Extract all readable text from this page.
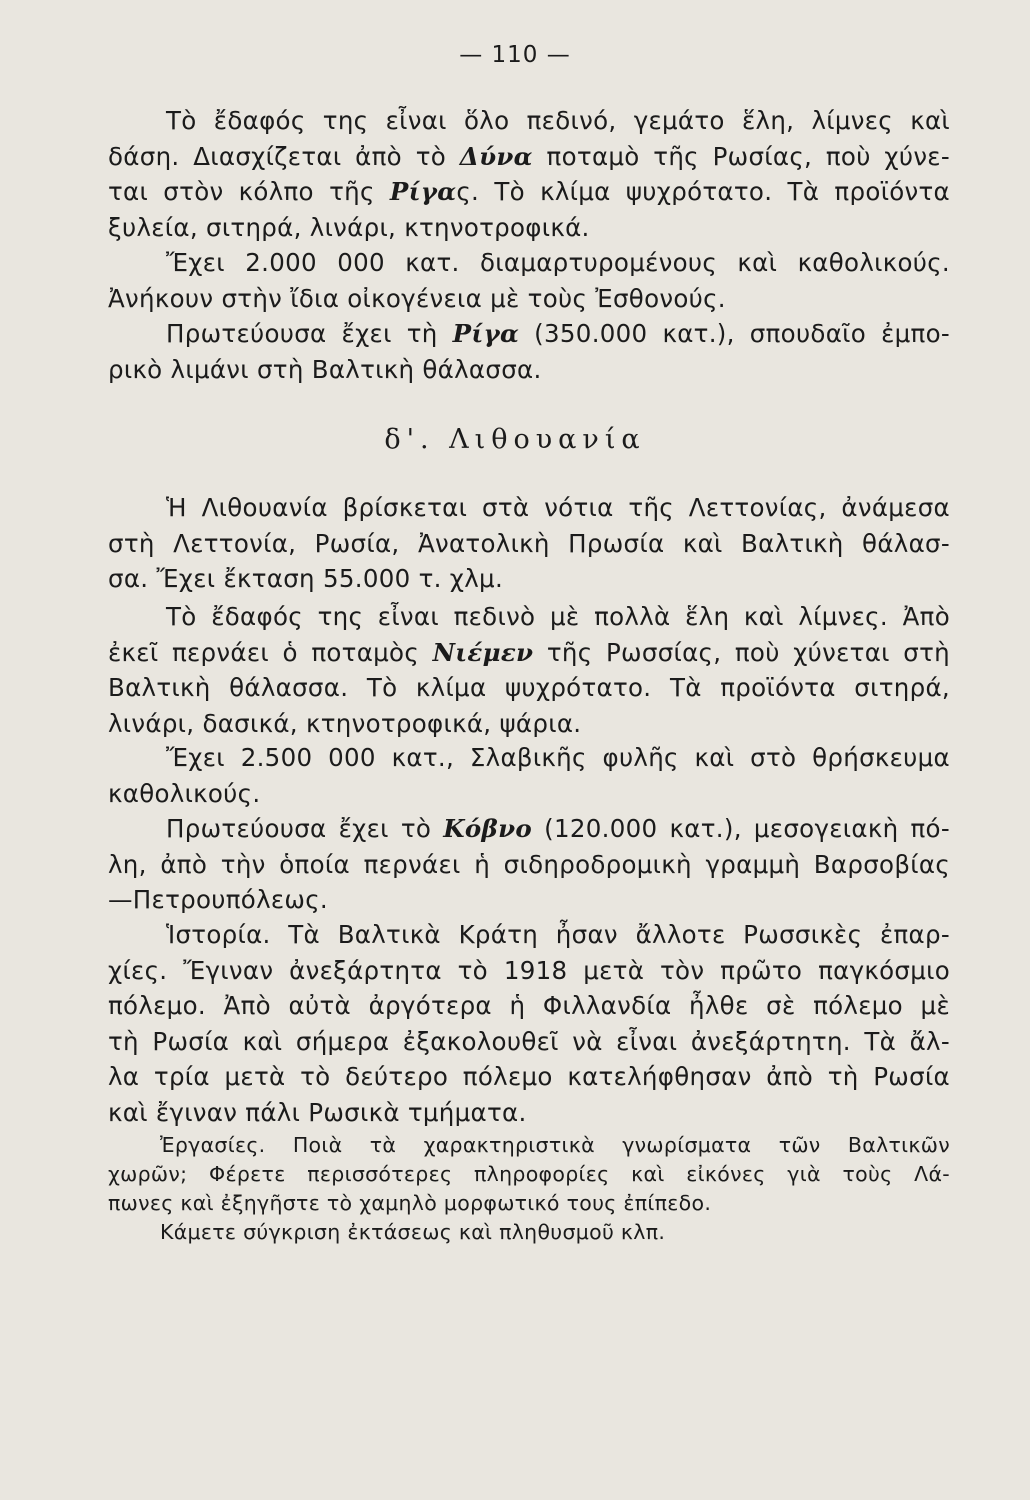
— 110 —
Τὸ ἔδαφός της εἶναι ὅλο πεδινό, γεμάτο ἕλη, λίμνες καὶ
δάση. Διασχίζεται ἀπὸ τὸ Δύνα ποταμὸ τῆς Ρωσίας, ποὺ χύνε-
ται στὸν κόλπο τῆς Ρίγας. Τὸ κλίμα ψυχρότατο. Τὰ προϊόντα
ξυλεία, σιτηρά, λινάρι, κτηνοτροφικά.
Ἔχει 2.000 000 κατ. διαμαρτυρομένους καὶ καθολικούς.
Ἀνήκουν στὴν ἴδια οἰκογένεια μὲ τοὺς Ἐσθονούς.
Πρωτεύουσα ἔχει τὴ Ρίγα (350.000 κατ.), σπουδαῖο ἐμπο-
ρικὸ λιμάνι στὴ Βαλτικὴ θάλασσα.
δ'. Λιθουανία
Ἡ Λιθουανία βρίσκεται στὰ νότια τῆς Λεττονίας, ἀνάμεσα
στὴ Λεττονία, Ρωσία, Ἀνατολικὴ Πρωσία καὶ Βαλτικὴ θάλασ-
σα. Ἔχει ἔκταση 55.000 τ. χλμ.
Τὸ ἔδαφός της εἶναι πεδινὸ μὲ πολλὰ ἕλη καὶ λίμνες. Ἀπὸ
ἐκεῖ περνάει ὁ ποταμὸς Νιέμεν τῆς Ρωσσίας, ποὺ χύνεται στὴ
Βαλτικὴ θάλασσα. Τὸ κλίμα ψυχρότατο. Τὰ προϊόντα σιτηρά,
λινάρι, δασικά, κτηνοτροφικά, ψάρια.
Ἔχει 2.500 000 κατ., Σλαβικῆς φυλῆς καὶ στὸ θρήσκευμα
καθολικούς.
Πρωτεύουσα ἔχει τὸ Κόβνο (120.000 κατ.), μεσογειακὴ πό-
λη, ἀπὸ τὴν ὁποία περνάει ἡ σιδηροδρομικὴ γραμμὴ Βαρσοβίας
—Πετρουπόλεως.
Ἱστορία. Τὰ Βαλτικὰ Κράτη ἦσαν ἄλλοτε Ρωσσικὲς ἐπαρ-
χίες. Ἔγιναν ἀνεξάρτητα τὸ 1918 μετὰ τὸν πρῶτο παγκόσμιο
πόλεμο. Ἀπὸ αὐτὰ ἀργότερα ἡ Φιλλανδία ἦλθε σὲ πόλεμο μὲ
τὴ Ρωσία καὶ σήμερα ἐξακολουθεῖ νὰ εἶναι ἀνεξάρτητη. Τὰ ἄλ-
λα τρία μετὰ τὸ δεύτερο πόλεμο κατελήφθησαν ἀπὸ τὴ Ρωσία
καὶ ἔγιναν πάλι Ρωσικὰ τμήματα.
Ἐργασίες. Ποιὰ τὰ χαρακτηριστικὰ γνωρίσματα τῶν Βαλτικῶν
χωρῶν; Φέρετε περισσότερες πληροφορίες καὶ εἰκόνες γιὰ τοὺς Λά-
πωνες καὶ ἐξηγῆστε τὸ χαμηλὸ μορφωτικό τους ἐπίπεδο.
Κάμετε σύγκριση ἐκτάσεως καὶ πληθυσμοῦ κλπ.
